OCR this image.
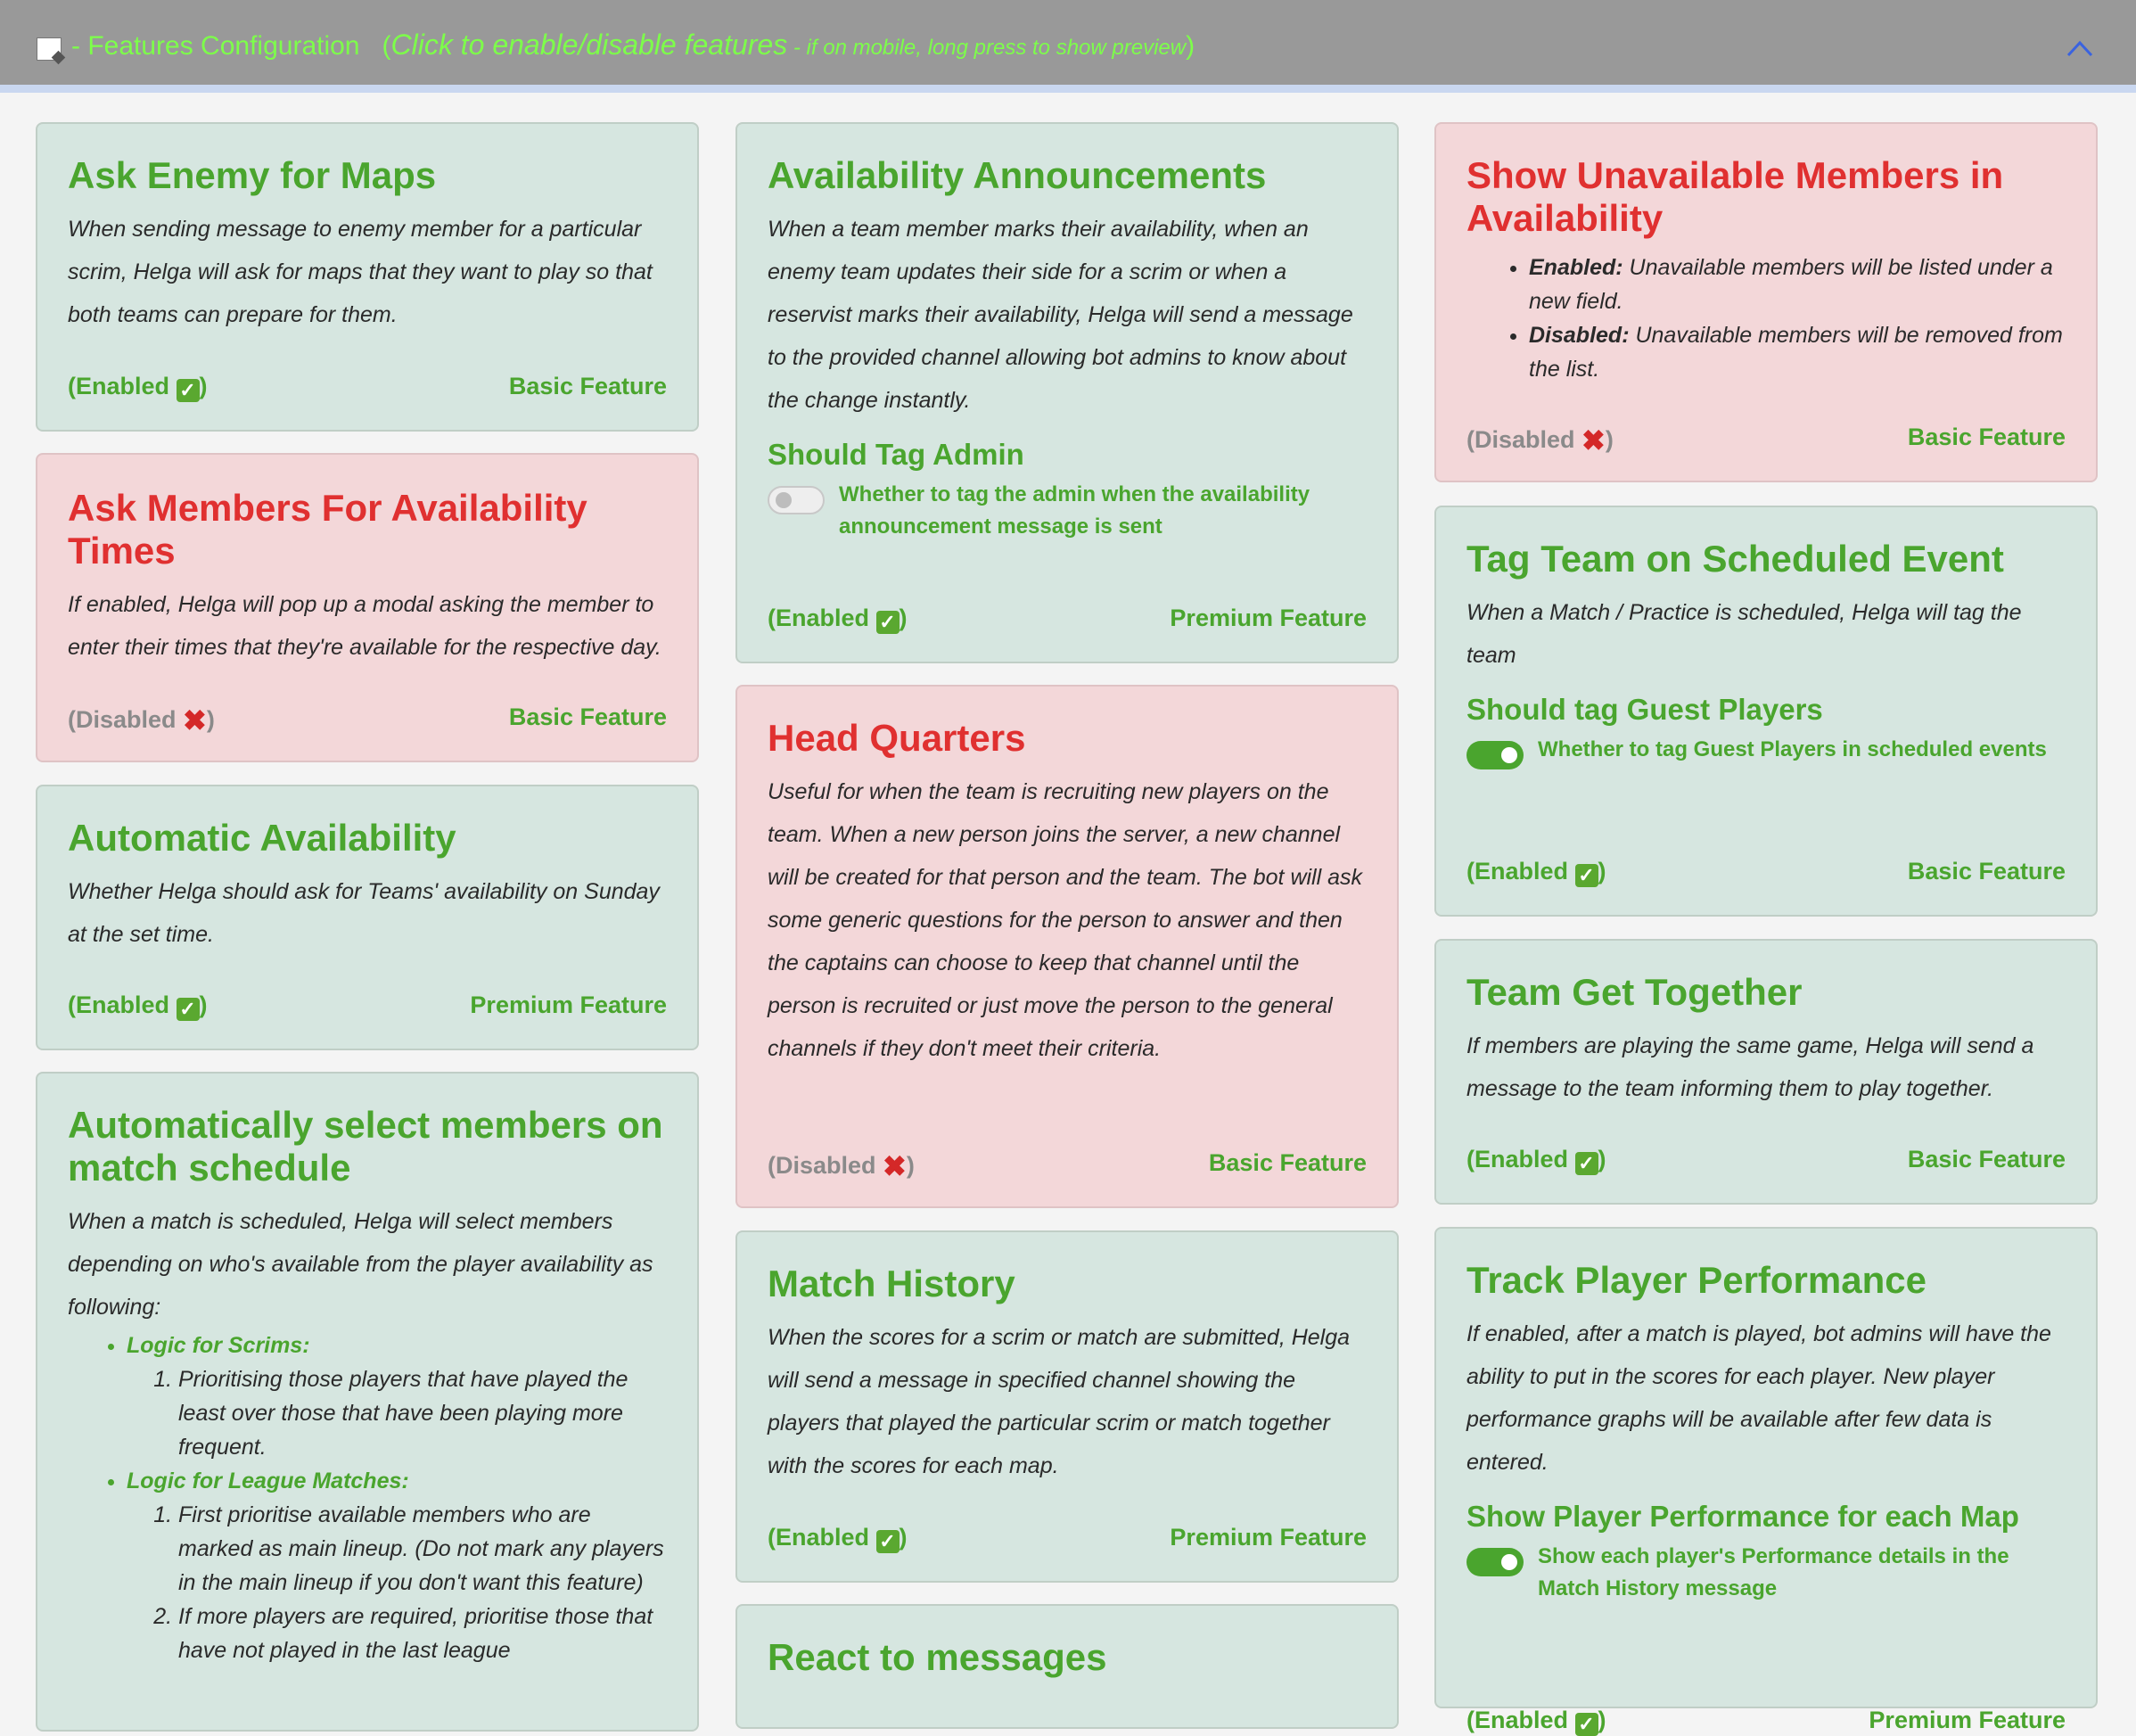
- Features Configuration   (Click to enable/disable features - if on mobile, long press to show preview)
Ask Enemy for Maps
When sending message to enemy member for a particular scrim, Helga will ask for maps that they want to play so that both teams can prepare for them.
(Enabled ✓ )	Basic Feature
Ask Members For Availability Times
If enabled, Helga will pop up a modal asking the member to enter their times that they're available for the respective day.
(Disabled ✖)	Basic Feature
Automatic Availability
Whether Helga should ask for Teams' availability on Sunday at the set time.
(Enabled ✓ )	Premium Feature
Automatically select members on match schedule
When a match is scheduled, Helga will select members depending on who's available from the player availability as following:
• Logic for Scrims:
1. Prioritising those players that have played the least over those that have been playing more frequent.
• Logic for League Matches:
1. First prioritise available members who are marked as main lineup. (Do not mark any players in the main lineup if you don't want this feature)
2. If more players are required, prioritise those that have not played in the last league
Availability Announcements
When a team member marks their availability, when an enemy team updates their side for a scrim or when a reservist marks their availability, Helga will send a message to the provided channel allowing bot admins to know about the change instantly.
Should Tag Admin
Whether to tag the admin when the availability announcement message is sent
(Enabled ✓ )	Premium Feature
Head Quarters
Useful for when the team is recruiting new players on the team. When a new person joins the server, a new channel will be created for that person and the team. The bot will ask some generic questions for the person to answer and then the captains can choose to keep that channel until the person is recruited or just move the person to the general channels if they don't meet their criteria.
(Disabled ✖)	Basic Feature
Match History
When the scores for a scrim or match are submitted, Helga will send a message in specified channel showing the players that played the particular scrim or match together with the scores for each map.
(Enabled ✓ )	Premium Feature
React to messages
Show Unavailable Members in Availability
• Enabled: Unavailable members will be listed under a new field.
• Disabled: Unavailable members will be removed from the list.
(Disabled ✖)	Basic Feature
Tag Team on Scheduled Event
When a Match / Practice is scheduled, Helga will tag the team
Should tag Guest Players
Whether to tag Guest Players in scheduled events
(Enabled ✓ )	Basic Feature
Team Get Together
If members are playing the same game, Helga will send a message to the team informing them to play together.
(Enabled ✓ )	Basic Feature
Track Player Performance
If enabled, after a match is played, bot admins will have the ability to put in the scores for each player. New player performance graphs will be available after few data is entered.
Show Player Performance for each Map
Show each player's Performance details in the Match History message
(Enabled ✓ )	Premium Feature
